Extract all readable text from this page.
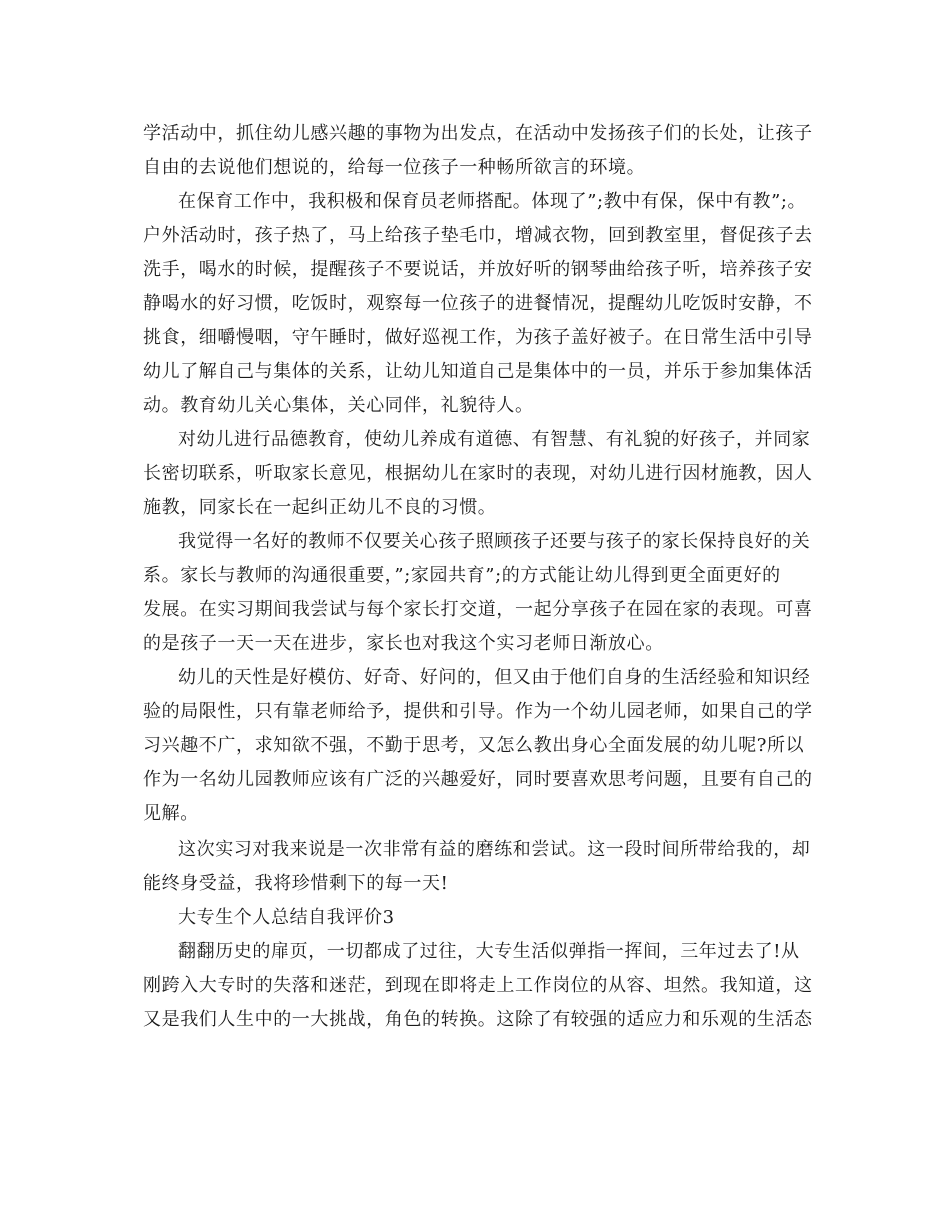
学活动中，抓住幼儿感兴趣的事物为出发点，在活动中发扬孩子们的长处，让孩子
自由的去说他们想说的，给每一位孩子一种畅所欲言的环境。
在保育工作中，我积极和保育员老师搭配。体现了”;教中有保，保中有教”;。
户外活动时，孩子热了，马上给孩子垫毛巾，增减衣物，回到教室里，督促孩子去
洗手，喝水的时候，提醒孩子不要说话，并放好听的钢琴曲给孩子听，培养孩子安
静喝水的好习惯，吃饭时，观察每一位孩子的进餐情况，提醒幼儿吃饭时安静，不
挑食，细嚼慢咽，守午睡时，做好巡视工作，为孩子盖好被子。在日常生活中引导
幼儿了解自己与集体的关系，让幼儿知道自己是集体中的一员，并乐于参加集体活
动。教育幼儿关心集体，关心同伴，礼貌待人。
对幼儿进行品德教育，使幼儿养成有道德、有智慧、有礼貌的好孩子，并同家
长密切联系，听取家长意见，根据幼儿在家时的表现，对幼儿进行因材施教，因人
施教，同家长在一起纠正幼儿不良的习惯。
我觉得一名好的教师不仅要关心孩子照顾孩子还要与孩子的家长保持良好的关
系。家长与教师的沟通很重要，”;家园共育”;的方式能让幼儿得到更全面更好的
发展。在实习期间我尝试与每个家长打交道，一起分享孩子在园在家的表现。可喜
的是孩子一天一天在进步，家长也对我这个实习老师日渐放心。
幼儿的天性是好模仿、好奇、好问的，但又由于他们自身的生活经验和知识经
验的局限性，只有靠老师给予，提供和引导。作为一个幼儿园老师，如果自己的学
习兴趣不广，求知欲不强，不勤于思考，又怎么教出身心全面发展的幼儿呢?所以
作为一名幼儿园教师应该有广泛的兴趣爱好，同时要喜欢思考问题，且要有自己的
见解。
这次实习对我来说是一次非常有益的磨练和尝试。这一段时间所带给我的，却
能终身受益，我将珍惜剩下的每一天!
大专生个人总结自我评价3
翻翻历史的扉页，一切都成了过往，大专生活似弹指一挥间，三年过去了!从
刚跨入大专时的失落和迷茫，到现在即将走上工作岗位的从容、坦然。我知道，这
又是我们人生中的一大挑战，角色的转换。这除了有较强的适应力和乐观的生活态
